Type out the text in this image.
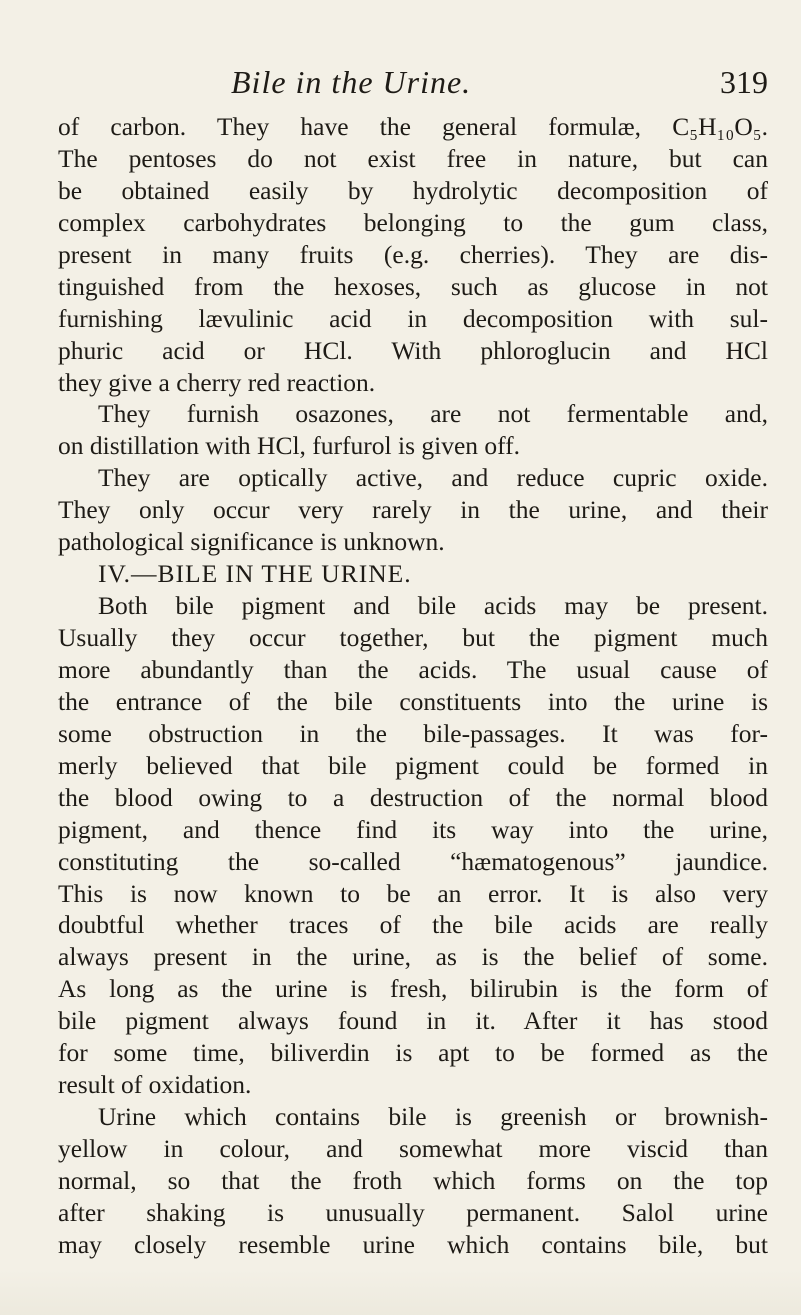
Bile in the Urine.	319
of carbon. They have the general formulæ, C₅H₁₀O₅.
The pentoses do not exist free in nature, but can
be obtained easily by hydrolytic decomposition of
complex carbohydrates belonging to the gum class,
present in many fruits (e.g. cherries). They are dis-
tinguished from the hexoses, such as glucose in not
furnishing lævulinic acid in decomposition with sul-
phuric acid or HCl. With phloroglucin and HCl
they give a cherry red reaction.
They furnish osazones, are not fermentable and,
on distillation with HCl, furfurol is given off.
They are optically active, and reduce cupric oxide.
They only occur very rarely in the urine, and their
pathological significance is unknown.
IV.—BILE IN THE URINE.
Both bile pigment and bile acids may be present.
Usually they occur together, but the pigment much
more abundantly than the acids. The usual cause of
the entrance of the bile constituents into the urine is
some obstruction in the bile-passages. It was for-
merly believed that bile pigment could be formed in
the blood owing to a destruction of the normal blood
pigment, and thence find its way into the urine,
constituting the so-called “hæmatogenous” jaundice.
This is now known to be an error. It is also very
doubtful whether traces of the bile acids are really
always present in the urine, as is the belief of some.
As long as the urine is fresh, bilirubin is the form of
bile pigment always found in it. After it has stood
for some time, biliverdin is apt to be formed as the
result of oxidation.
Urine which contains bile is greenish or brownish-
yellow in colour, and somewhat more viscid than
normal, so that the froth which forms on the top
after shaking is unusually permanent. Salol urine
may closely resemble urine which contains bile, but
